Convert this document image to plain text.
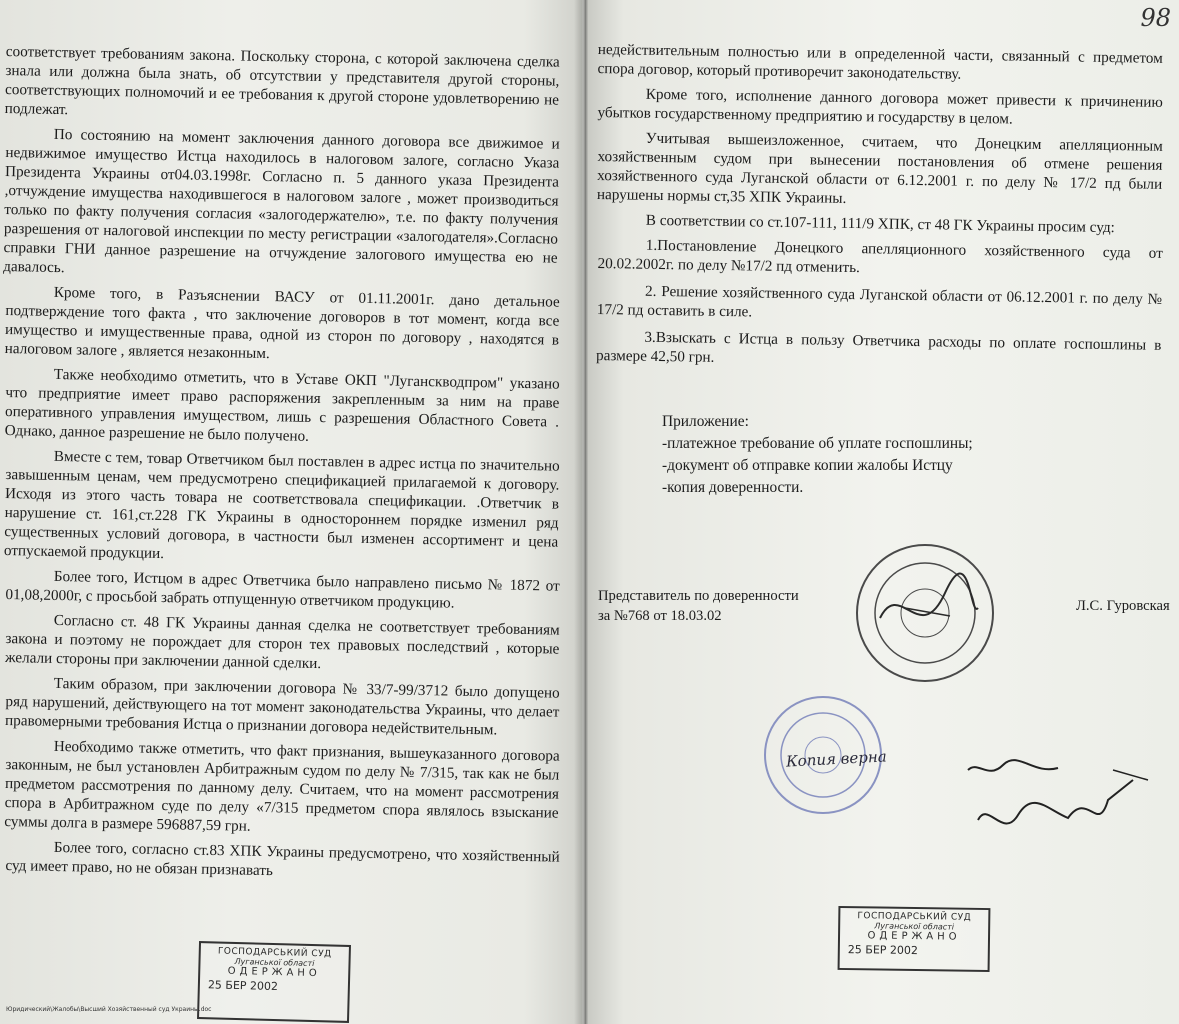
соответствует требованиям закона. Поскольку сторона, с которой заключена сделка знала или должна была знать, об отсутствии у представителя другой стороны, соответствующих полномочий и ее требования к другой стороне удовлетворению не подлежат.

По состоянию на момент заключения данного договора все движимое и недвижимое имущество Истца находилось в налоговом залоге, согласно Указа Президента Украины от04.03.1998г. Согласно п. 5 данного указа Президента ,отчуждение имущества находившегося в налоговом залоге , может производиться только по факту получения согласия «залогодержателю», т.е. по факту получения разрешения от налоговой инспекции по месту регистрации «залогодателя».Согласно справки ГНИ данное разрешение на отчуждение залогового имущества ею не давалось.

Кроме того, в Разъяснении ВАСУ от 01.11.2001г. дано детальное подтверждение того факта , что заключение договоров в тот момент, когда все имущество и имущественные права, одной из сторон по договору , находятся в налоговом залоге , является незаконным.

Также необходимо отметить, что в Уставе ОКП "Луганскводпром" указано что предприятие имеет право распоряжения закрепленным за ним на праве оперативного управления имуществом, лишь с разрешения Областного Совета . Однако, данное разрешение не было получено.

Вместе с тем, товар Ответчиком был поставлен в адрес истца по значительно завышенным ценам, чем предусмотрено спецификацией прилагаемой к договору. Исходя из этого часть товара не соответствовала спецификации. .Ответчик в нарушение ст. 161,ст.228 ГК Украины в одностороннем порядке изменил ряд существенных условий договора, в частности был изменен ассортимент и цена отпускаемой продукции.

Более того, Истцом в адрес Ответчика было направлено письмо № 1872 от 01,08,2000г, с просьбой забрать отпущенную ответчиком продукцию.

Согласно ст. 48 ГК Украины данная сделка не соответствует требованиям закона и поэтому не порождает для сторон тех правовых последствий , которые желали стороны при заключении данной сделки.

Таким образом, при заключении договора № 33/7-99/3712 было допущено ряд нарушений, действующего на тот момент законодательства Украины, что делает правомерными требования Истца о признании договора недействительным.

Необходимо также отметить, что факт признания, вышеуказанного договора законным, не был установлен Арбитражным судом по делу № 7/315, так как не был предметом рассмотрения по данному делу. Считаем, что на момент рассмотрения спора в Арбитражном суде по делу «7/315 предметом спора являлось взыскание суммы долга в размере 596887,59 грн.

Более того, согласно ст.83 ХПК Украины предусмотрено, что хозяйственный суд имеет право, но не обязан признавать

ГОСПОДАРСЬКИЙ СУД
Луганської області
ОДЕРЖАНО
25 БЕР 2002
Юридический\Жалобы\Высший Хозяйственный суд Украины.doc
98

недействительным полностью или в определенной части, связанный с предметом спора договор, который противоречит законодательству.

Кроме того, исполнение данного договора может привести к причинению убытков государственному предприятию и государству в целом.

Учитывая вышеизложенное, считаем, что Донецким апелляционным хозяйственным судом при вынесении постановления об отмене решения хозяйственного суда Луганской области от 6.12.2001 г. по делу № 17/2 пд были нарушены нормы ст,35 ХПК Украины.

В соответствии со ст.107-111, 111/9 ХПК, ст 48 ГК Украины просим суд:

1.Постановление Донецкого апелляционного хозяйственного суда от 20.02.2002г. по делу №17/2 пд отменить.

2. Решение хозяйственного суда Луганской области от 06.12.2001 г. по делу № 17/2 пд оставить в силе.

3.Взыскать с Истца в пользу Ответчика расходы по оплате госпошлины в размере 42,50 грн.

Приложение:
-платежное требование об уплате госпошлины;
-документ об отправке копии жалобы Истцу
-копия доверенности.
Представитель по доверенности
за №768 от 18.03.02
Л.С. Гуровская
Копия верна
ГОСПОДАРСЬКИЙ СУД
Луганської області
ОДЕРЖАНО
25 БЕР 2002
